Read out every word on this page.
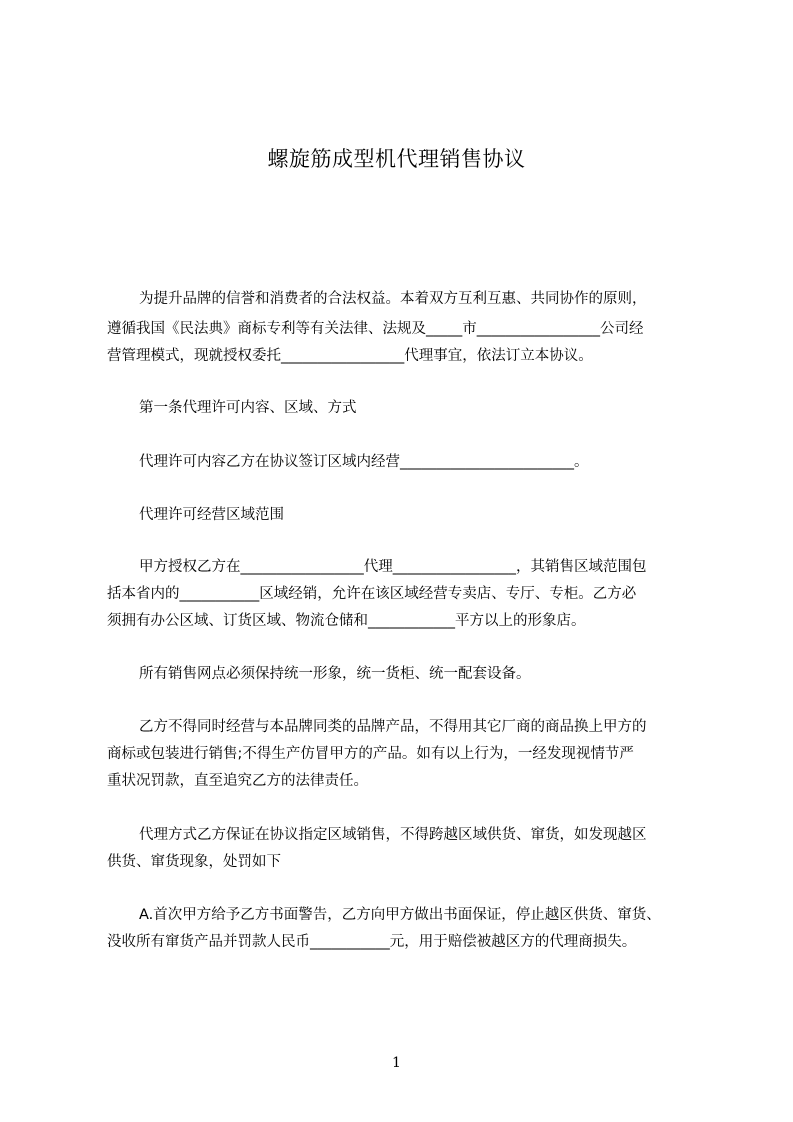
螺旋筋成型机代理销售协议
为提升品牌的信誉和消费者的合法权益。本着双方互利互惠、共同协作的原则，
遵循我国《民法典》商标专利等有关法律、法规及_____市_________________公司经
营管理模式，现就授权委托_________________代理事宜，依法订立本协议。
第一条代理许可内容、区域、方式
代理许可内容乙方在协议签订区域内经营________________________。
代理许可经营区域范围
甲方授权乙方在_________________代理_________________，其销售区域范围包
括本省内的___________区域经销，允许在该区域经营专卖店、专厅、专柜。乙方必
须拥有办公区域、订货区域、物流仓储和____________平方以上的形象店。
所有销售网点必须保持统一形象，统一货柜、统一配套设备。
乙方不得同时经营与本品牌同类的品牌产品，不得用其它厂商的商品换上甲方的
商标或包装进行销售;不得生产仿冒甲方的产品。如有以上行为，一经发现视情节严
重状况罚款，直至追究乙方的法律责任。
代理方式乙方保证在协议指定区域销售，不得跨越区域供货、窜货，如发现越区
供货、窜货现象，处罚如下
A.首次甲方给予乙方书面警告，乙方向甲方做出书面保证，停止越区供货、窜货、
没收所有窜货产品并罚款人民币___________元，用于赔偿被越区方的代理商损失。
1
